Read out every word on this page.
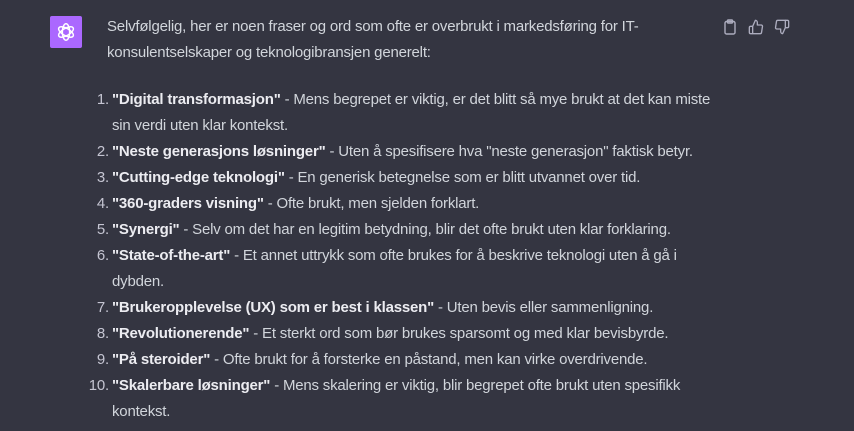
Selvfølgelig, her er noen fraser og ord som ofte er overbrukt i markedsføring for IT-konsulentselskaper og teknologibransjen generelt:

1. "Digital transformasjon" - Mens begrepet er viktig, er det blitt så mye brukt at det kan miste sin verdi uten klar kontekst.
2. "Neste generasjons løsninger" - Uten å spesifisere hva "neste generasjon" faktisk betyr.
3. "Cutting-edge teknologi" - En generisk betegnelse som er blitt utvannet over tid.
4. "360-graders visning" - Ofte brukt, men sjelden forklart.
5. "Synergi" - Selv om det har en legitim betydning, blir det ofte brukt uten klar forklaring.
6. "State-of-the-art" - Et annet uttrykk som ofte brukes for å beskrive teknologi uten å gå i dybden.
7. "Brukeropplevelse (UX) som er best i klassen" - Uten bevis eller sammenligning.
8. "Revolutionerende" - Et sterkt ord som bør brukes sparsomt og med klar bevisbyrde.
9. "På steroider" - Ofte brukt for å forsterke en påstand, men kan virke overdrivende.
10. "Skalerbare løsninger" - Mens skalering er viktig, blir begrepet ofte brukt uten spesifikk kontekst.
